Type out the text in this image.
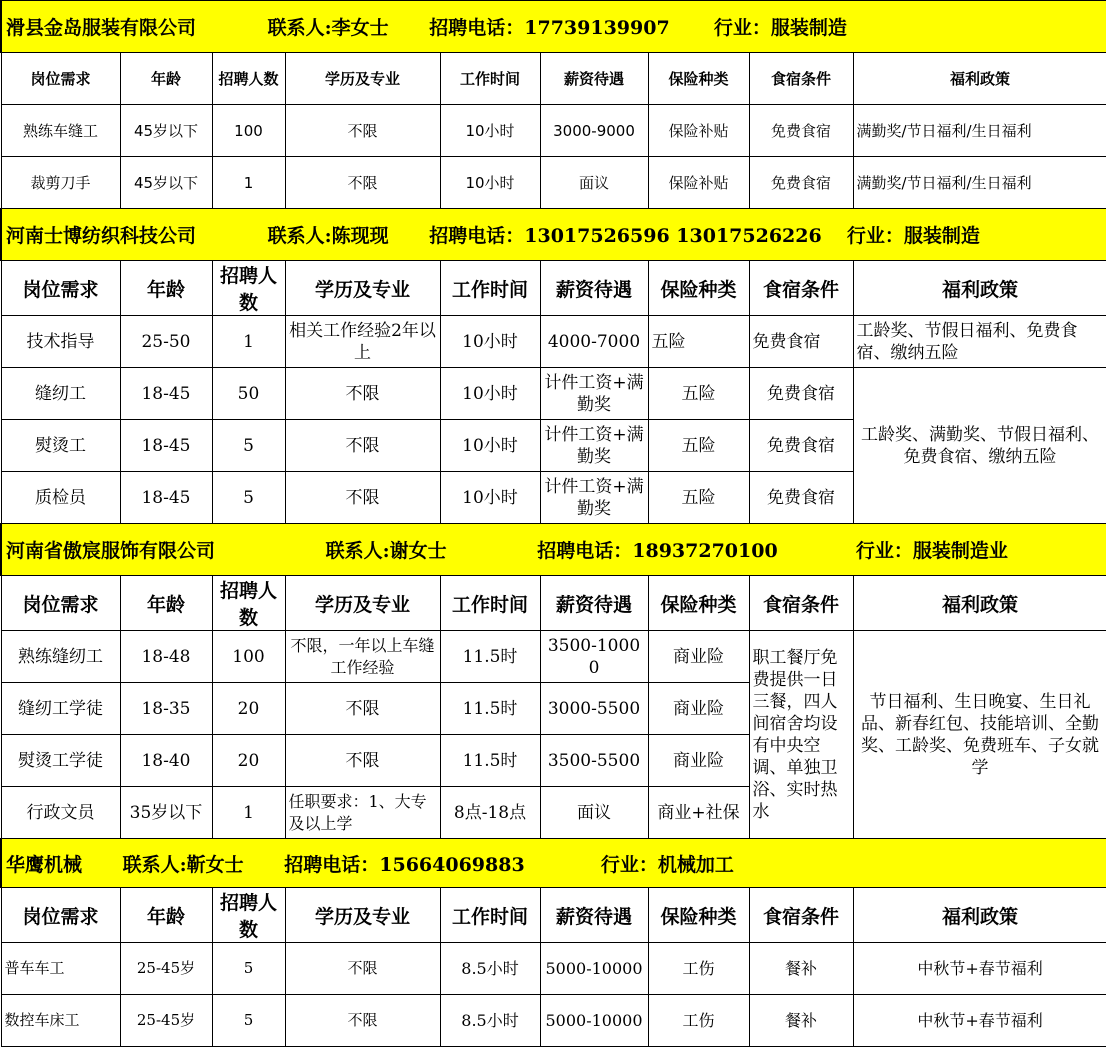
滑县金岛服装有限公司 联系人:李女士 招聘电话：17739139907 行业：服装制造								
岗位需求	年龄	招聘人数	学历及专业	工作时间	薪资待遇	保险种类	食宿条件	福利政策
熟练车缝工	45岁以下	100	不限	10小时	3000-9000	保险补贴	免费食宿	满勤奖/节日福利/生日福利
裁剪刀手	45岁以下	1	不限	10小时	面议	保险补贴	免费食宿	满勤奖/节日福利/生日福利
河南士博纺织科技公司 联系人:陈现现 招聘电话：13017526596 13017526226 行业：服装制造								
岗位需求	年龄	招聘人数	学历及专业	工作时间	薪资待遇	保险种类	食宿条件	福利政策
技术指导	25-50	1	相关工作经验2年以上	10小时	4000-7000	五险	免费食宿	工龄奖、节假日福利、免费食宿、缴纳五险
缝纫工	18-45	50	不限	10小时	计件工资+满勤奖	五险	免费食宿	工龄奖、满勤奖、节假日福利、免费食宿、缴纳五险
熨烫工	18-45	5	不限	10小时	计件工资+满勤奖	五险	免费食宿	
质检员	18-45	5	不限	10小时	计件工资+满勤奖	五险	免费食宿	
河南省傲宸服饰有限公司 联系人:谢女士 招聘电话：18937270100 行业：服装制造业								
岗位需求	年龄	招聘人数	学历及专业	工作时间	薪资待遇	保险种类	食宿条件	福利政策
熟练缝纫工	18-48	100	不限，一年以上车缝工作经验	11.5时	3500-10000	商业险	职工餐厅免费提供一日三餐，四人间宿舍均设有中央空调、单独卫浴、实时热水	节日福利、生日晚宴、生日礼品、新春红包、技能培训、全勤奖、工龄奖、免费班车、子女就学
缝纫工学徒	18-35	20	不限	11.5时	3000-5500	商业险		
熨烫工学徒	18-40	20	不限	11.5时	3500-5500	商业险		
行政文员	35岁以下	1	任职要求：1、大专及以上学	8点-18点	面议	商业+社保		
华鹰机械 联系人:靳女士 招聘电话：15664069883 行业：机械加工								
岗位需求	年龄	招聘人数	学历及专业	工作时间	薪资待遇	保险种类	食宿条件	福利政策
普车车工	25-45岁	5	不限	8.5小时	5000-10000	工伤	餐补	中秋节+春节福利
数控车床工	25-45岁	5	不限	8.5小时	5000-10000	工伤	餐补	中秋节+春节福利
